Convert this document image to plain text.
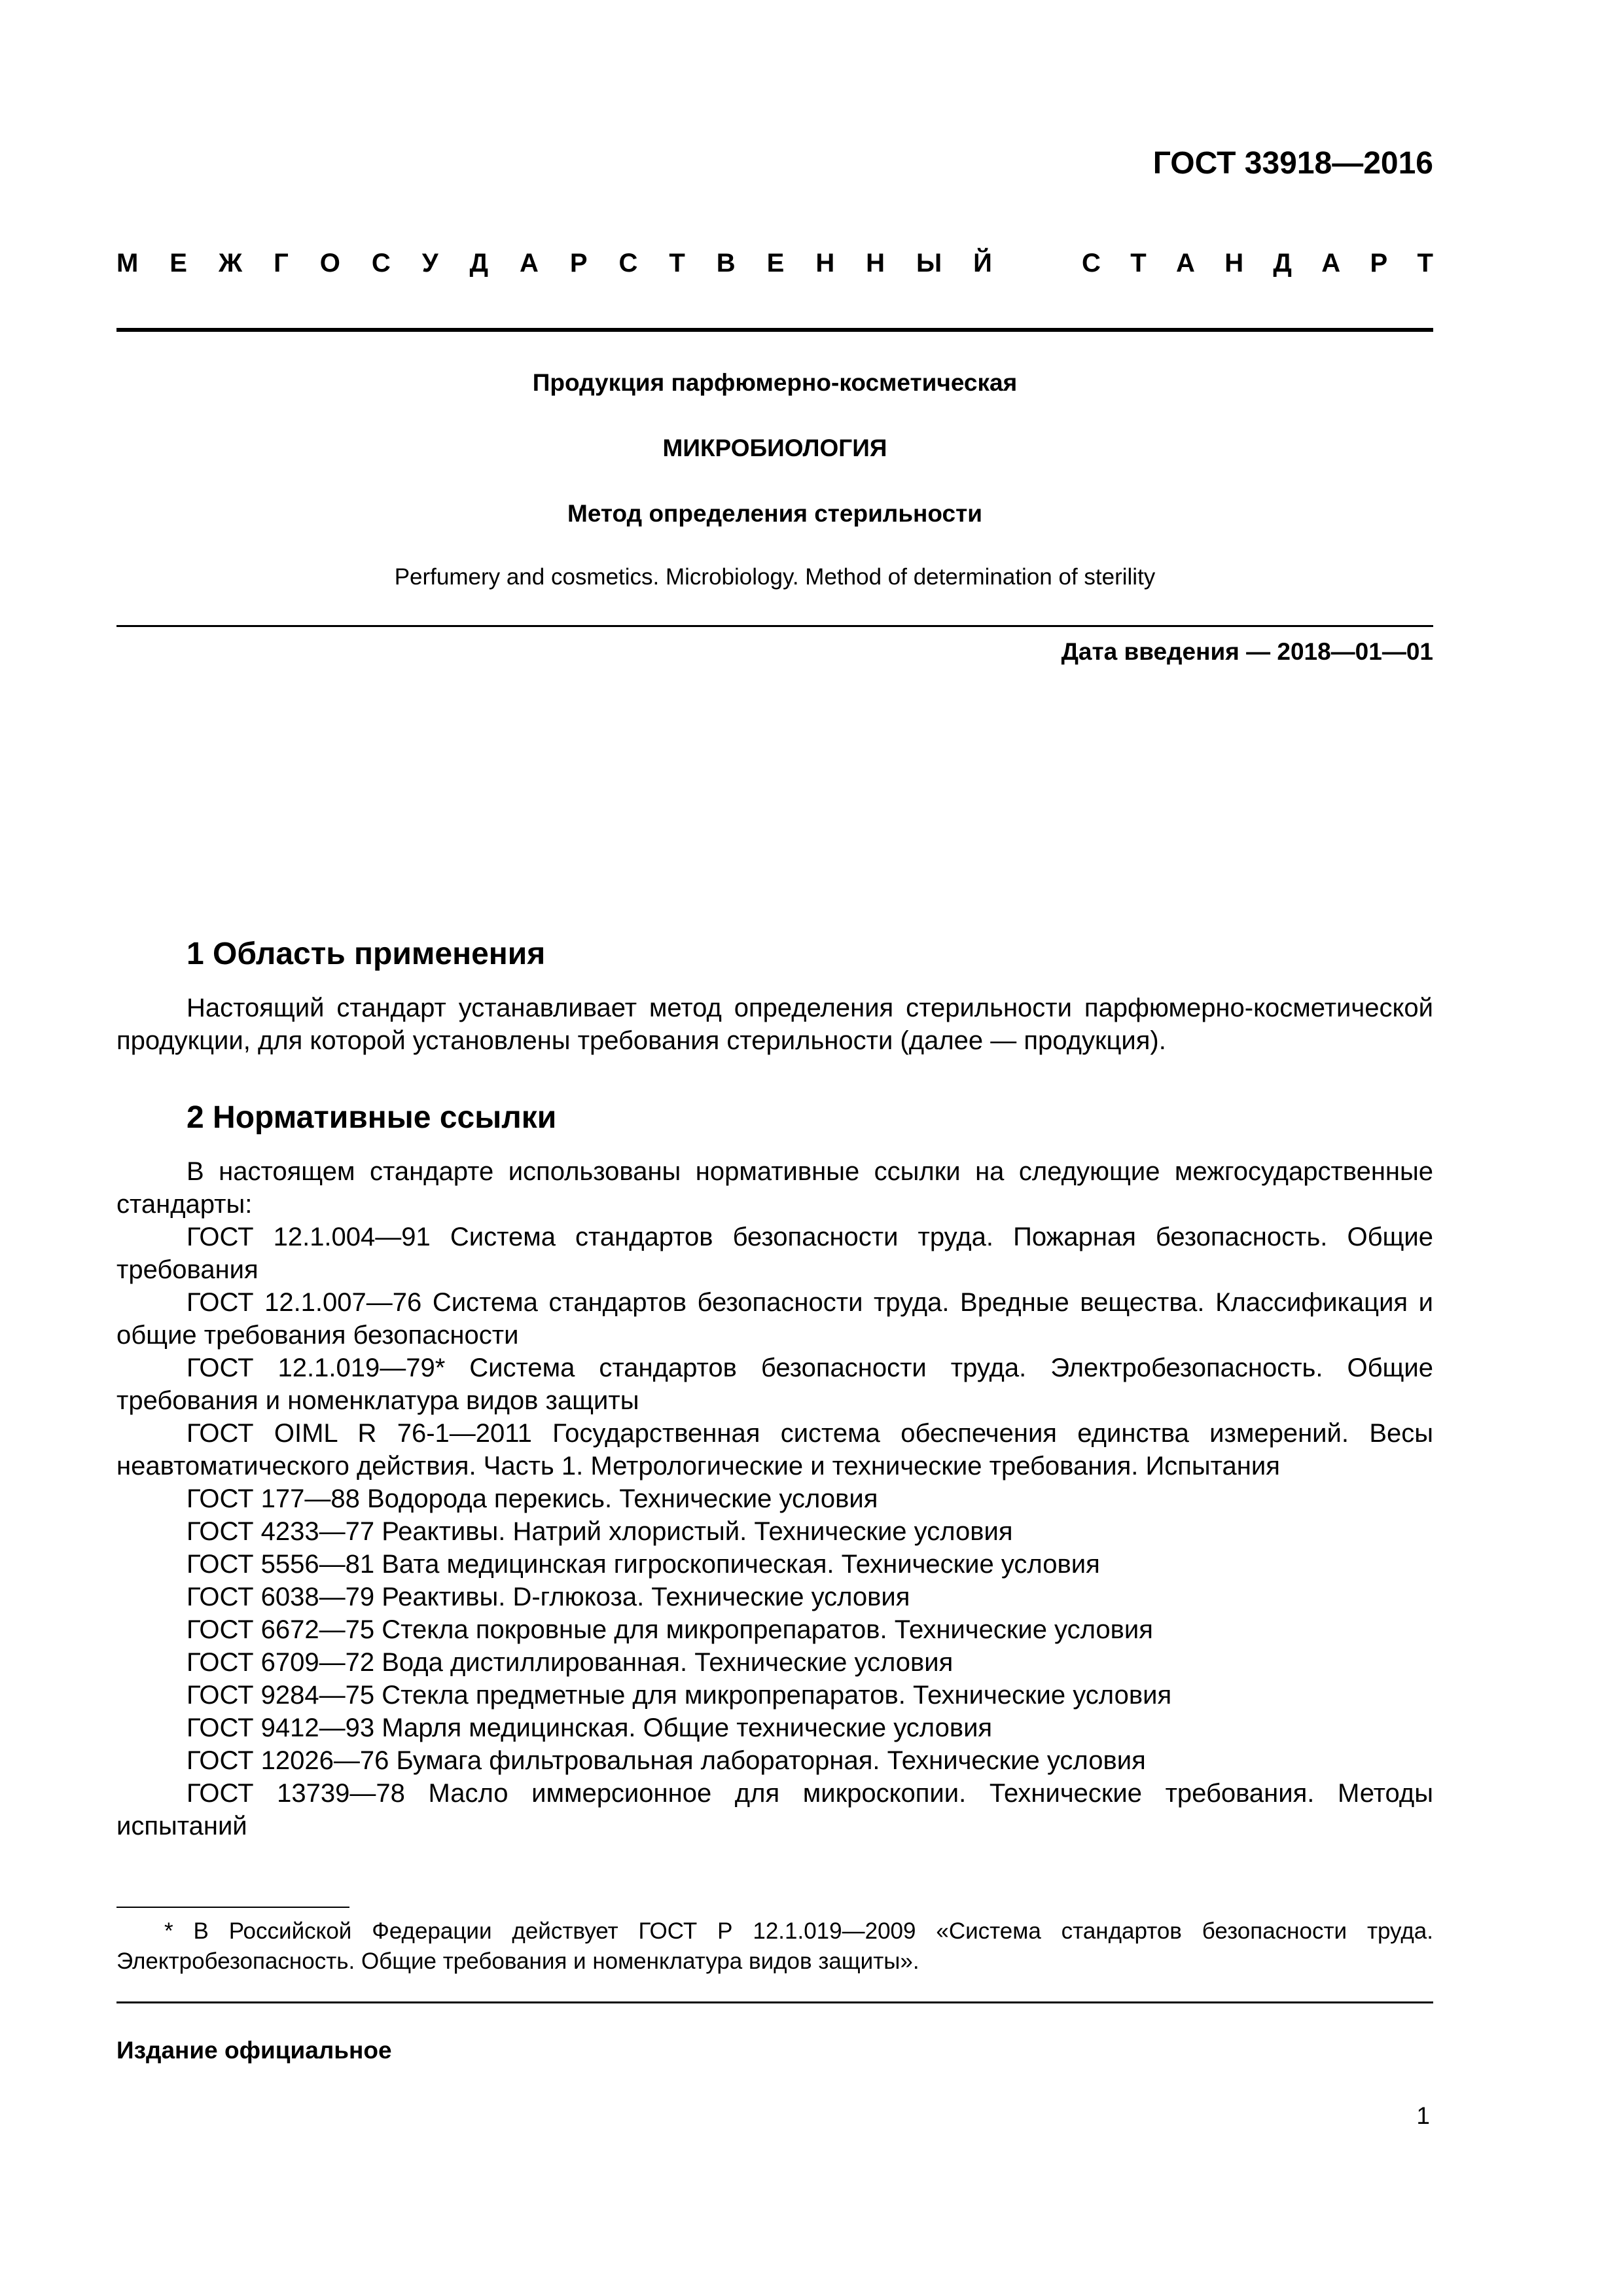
ГОСТ 33918—2016
М Е Ж Г О С У Д А Р С Т В Е Н Н Ы Й	С Т А Н Д А Р Т
Продукция парфюмерно-косметическая
МИКРОБИОЛОГИЯ
Метод определения стерильности
Perfumery and cosmetics. Microbiology. Method of determination of sterility
Дата введения — 2018—01—01
1 Область применения

Настоящий стандарт устанавливает метод определения стерильности парфюмерно-косметической продукции, для которой установлены требования стерильности (далее — продукция).

2 Нормативные ссылки

В настоящем стандарте использованы нормативные ссылки на следующие межгосударственные стандарты:

ГОСТ 12.1.004—91 Система стандартов безопасности труда. Пожарная безопасность. Общие требования

ГОСТ 12.1.007—76 Система стандартов безопасности труда. Вредные вещества. Классификация и общие требования безопасности

ГОСТ 12.1.019—79* Система стандартов безопасности труда. Электробезопасность. Общие требования и номенклатура видов защиты

ГОСТ OIML R 76-1—2011 Государственная система обеспечения единства измерений. Весы неавтоматического действия. Часть 1. Метрологические и технические требования. Испытания

ГОСТ 177—88 Водорода перекись. Технические условия

ГОСТ 4233—77 Реактивы. Натрий хлористый. Технические условия

ГОСТ 5556—81 Вата медицинская гигроскопическая. Технические условия

ГОСТ 6038—79 Реактивы. D-глюкоза. Технические условия

ГОСТ 6672—75 Стекла покровные для микропрепаратов. Технические условия

ГОСТ 6709—72 Вода дистиллированная. Технические условия

ГОСТ 9284—75 Стекла предметные для микропрепаратов. Технические условия

ГОСТ 9412—93 Марля медицинская. Общие технические условия

ГОСТ 12026—76 Бумага фильтровальная лабораторная. Технические условия

ГОСТ 13739—78 Масло иммерсионное для микроскопии. Технические требования. Методы испытаний

* В Российской Федерации действует ГОСТ Р 12.1.019—2009 «Система стандартов безопасности труда. Электробезопасность. Общие требования и номенклатура видов защиты».
Издание официальное
1
